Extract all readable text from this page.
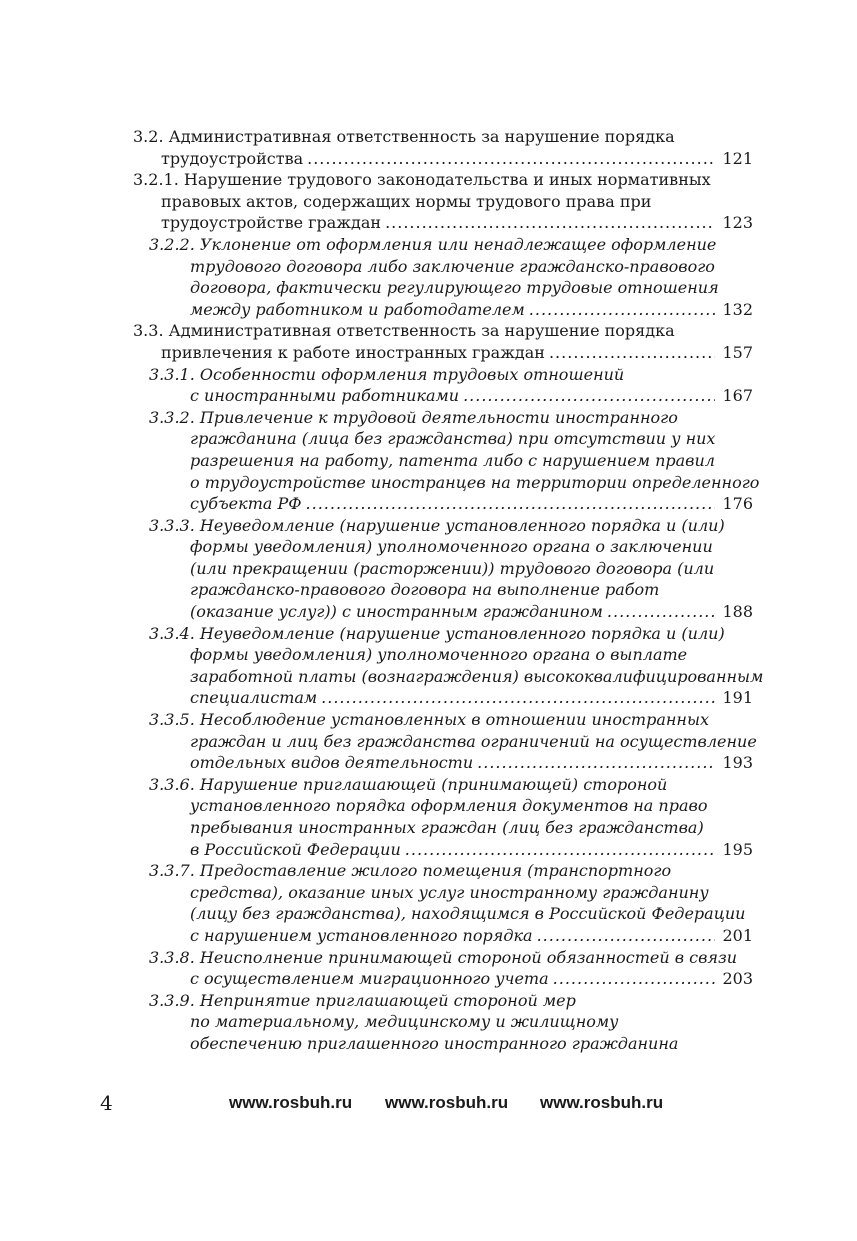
3.2. Административная ответственность за нарушение порядка
трудоустройства .....	121
3.2.1. Нарушение трудового законодательства и иных нормативных
правовых актов, содержащих нормы трудового права при
трудоустройстве граждан .....	123
3.2.2. Уклонение от оформления или ненадлежащее оформление
трудового договора либо заключение гражданско-правового
договора, фактически регулирующего трудовые отношения
между работником и работодателем .....	132
3.3. Административная ответственность за нарушение порядка
привлечения к работе иностранных граждан .....	157
3.3.1. Особенности оформления трудовых отношений
с иностранными работниками .....	167
3.3.2. Привлечение к трудовой деятельности иностранного
гражданина (лица без гражданства) при отсутствии у них
разрешения на работу, патента либо с нарушением правил
о трудоустройстве иностранцев на территории определенного
субъекта РФ .....	176
3.3.3. Неуведомление (нарушение установленного порядка и (или)
формы уведомления) уполномоченного органа о заключении
(или прекращении (расторжении)) трудового договора (или
гражданско-правового договора на выполнение работ
(оказание услуг)) с иностранным гражданином .....	188
3.3.4. Неуведомление (нарушение установленного порядка и (или)
формы уведомления) уполномоченного органа о выплате
заработной платы (вознаграждения) высококвалифицированным
специалистам .....	191
3.3.5. Несоблюдение установленных в отношении иностранных
граждан и лиц без гражданства ограничений на осуществление
отдельных видов деятельности .....	193
3.3.6. Нарушение приглашающей (принимающей) стороной
установленного порядка оформления документов на право
пребывания иностранных граждан (лиц без гражданства)
в Российской Федерации .....	195
3.3.7. Предоставление жилого помещения (транспортного
средства), оказание иных услуг иностранному гражданину
(лицу без гражданства), находящимся в Российской Федерации
с нарушением установленного порядка .....	201
3.3.8. Неисполнение принимающей стороной обязанностей в связи
с осуществлением миграционного учета .....	203
3.3.9. Непринятие приглашающей стороной мер
по материальному, медицинскому и жилищному
обеспечению приглашенного иностранного гражданина
4	www.rosbuh.ru www.rosbuh.ru www.rosbuh.ru
